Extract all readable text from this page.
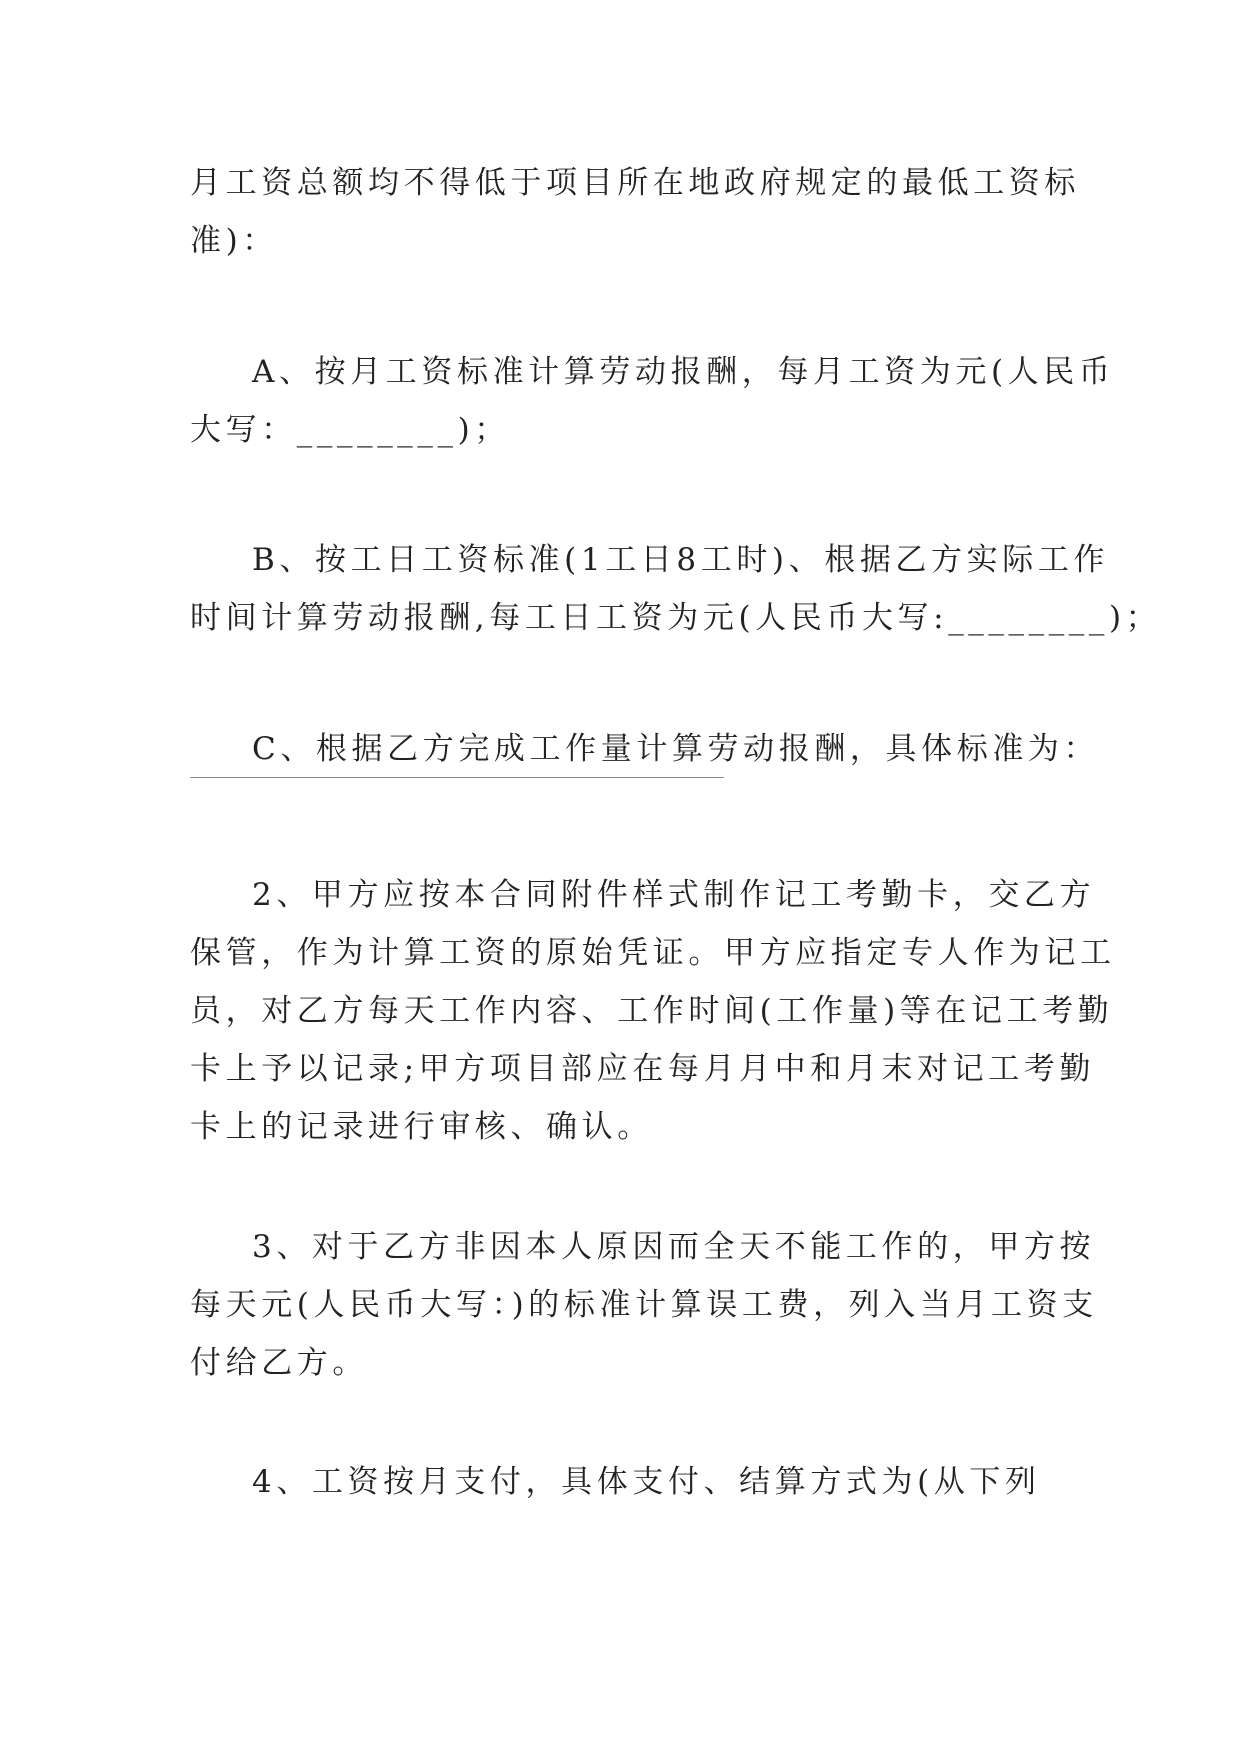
月工资总额均不得低于项目所在地政府规定的最低工资标
准)：
A、按月工资标准计算劳动报酬，每月工资为元(人民币
大写：________)；
B、按工日工资标准(1工日8工时)、根据乙方实际工作
时间计算劳动报酬,每工日工资为元(人民币大写:________)；
C、根据乙方完成工作量计算劳动报酬，具体标准为：
2、甲方应按本合同附件样式制作记工考勤卡，交乙方
保管，作为计算工资的原始凭证。甲方应指定专人作为记工
员，对乙方每天工作内容、工作时间(工作量)等在记工考勤
卡上予以记录;甲方项目部应在每月月中和月末对记工考勤
卡上的记录进行审核、确认。
3、对于乙方非因本人原因而全天不能工作的，甲方按
每天元(人民币大写：)的标准计算误工费，列入当月工资支
付给乙方。
4、工资按月支付，具体支付、结算方式为(从下列
